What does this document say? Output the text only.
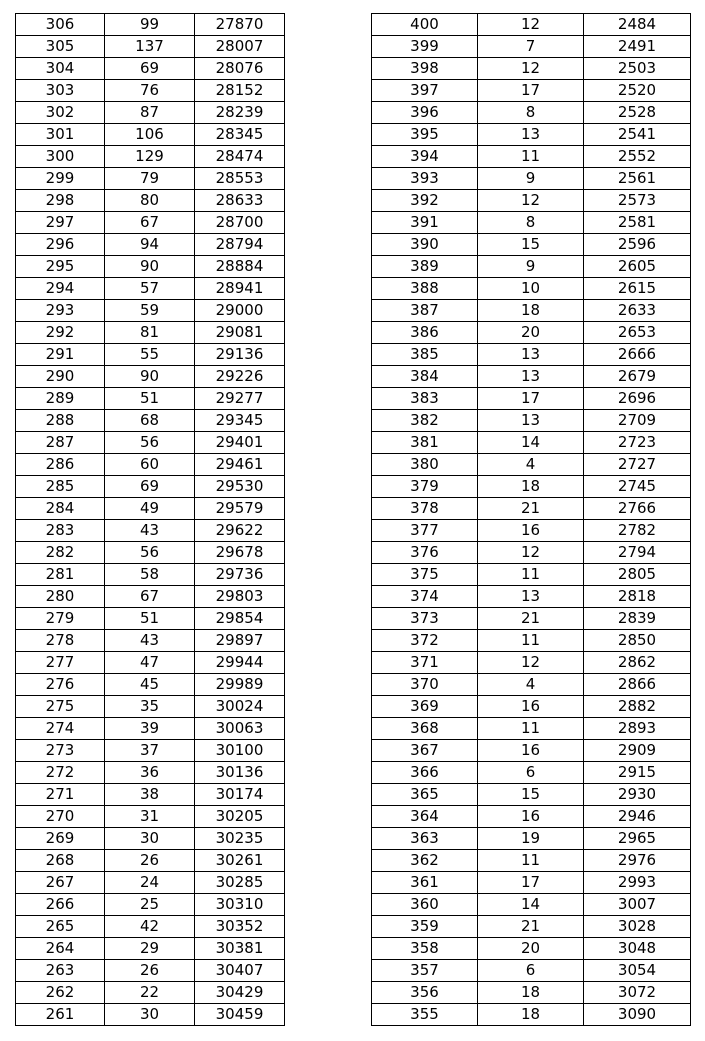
306	99	27870
305	137	28007
304	69	28076
303	76	28152
302	87	28239
301	106	28345
300	129	28474
299	79	28553
298	80	28633
297	67	28700
296	94	28794
295	90	28884
294	57	28941
293	59	29000
292	81	29081
291	55	29136
290	90	29226
289	51	29277
288	68	29345
287	56	29401
286	60	29461
285	69	29530
284	49	29579
283	43	29622
282	56	29678
281	58	29736
280	67	29803
279	51	29854
278	43	29897
277	47	29944
276	45	29989
275	35	30024
274	39	30063
273	37	30100
272	36	30136
271	38	30174
270	31	30205
269	30	30235
268	26	30261
267	24	30285
266	25	30310
265	42	30352
264	29	30381
263	26	30407
262	22	30429
261	30	30459
400	12	2484
399	7	2491
398	12	2503
397	17	2520
396	8	2528
395	13	2541
394	11	2552
393	9	2561
392	12	2573
391	8	2581
390	15	2596
389	9	2605
388	10	2615
387	18	2633
386	20	2653
385	13	2666
384	13	2679
383	17	2696
382	13	2709
381	14	2723
380	4	2727
379	18	2745
378	21	2766
377	16	2782
376	12	2794
375	11	2805
374	13	2818
373	21	2839
372	11	2850
371	12	2862
370	4	2866
369	16	2882
368	11	2893
367	16	2909
366	6	2915
365	15	2930
364	16	2946
363	19	2965
362	11	2976
361	17	2993
360	14	3007
359	21	3028
358	20	3048
357	6	3054
356	18	3072
355	18	3090
